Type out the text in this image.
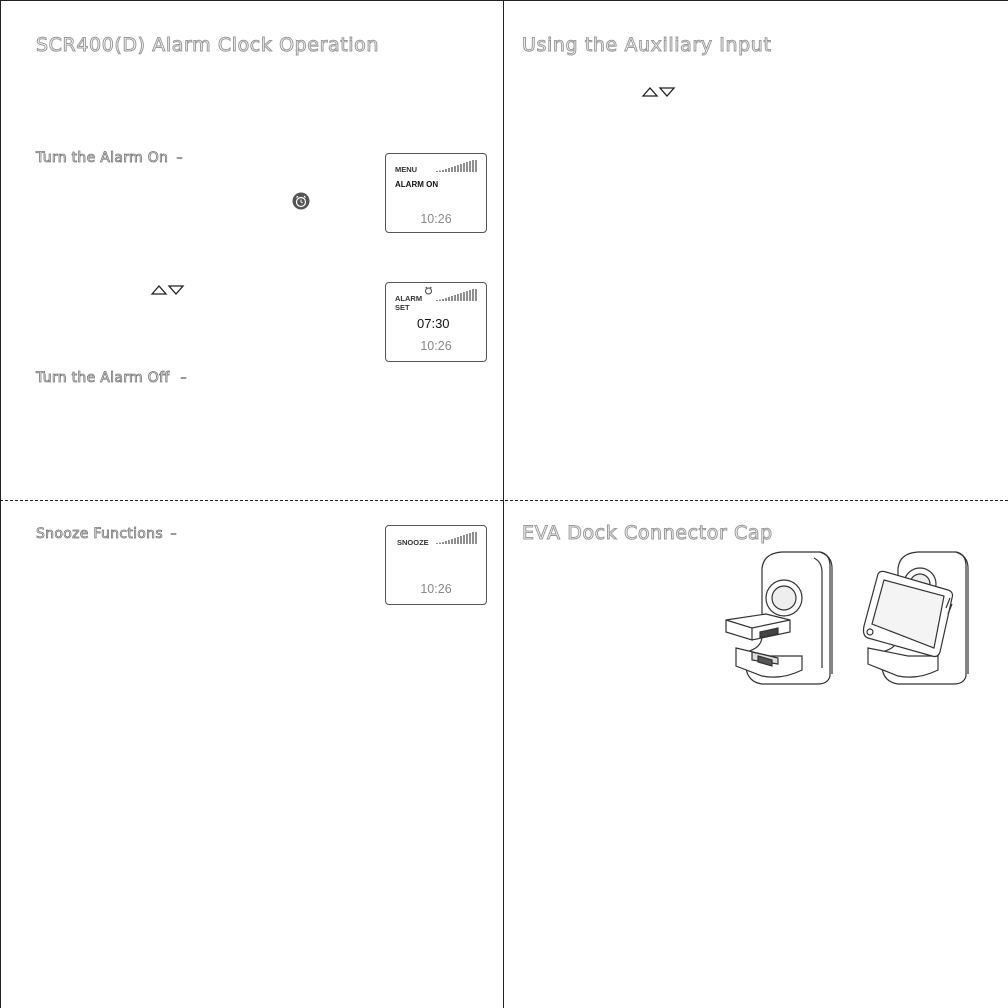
SCR400(D) Alarm Clock Operation
Turn the Alarm On –
Turn the Alarm Off –
MENU
ALARM ON
10:26
ALARM
SET
07:30
10:26
Using the Auxiliary Input
Snooze Functions –
SNOOZE
10:26
EVA Dock Connector Cap
